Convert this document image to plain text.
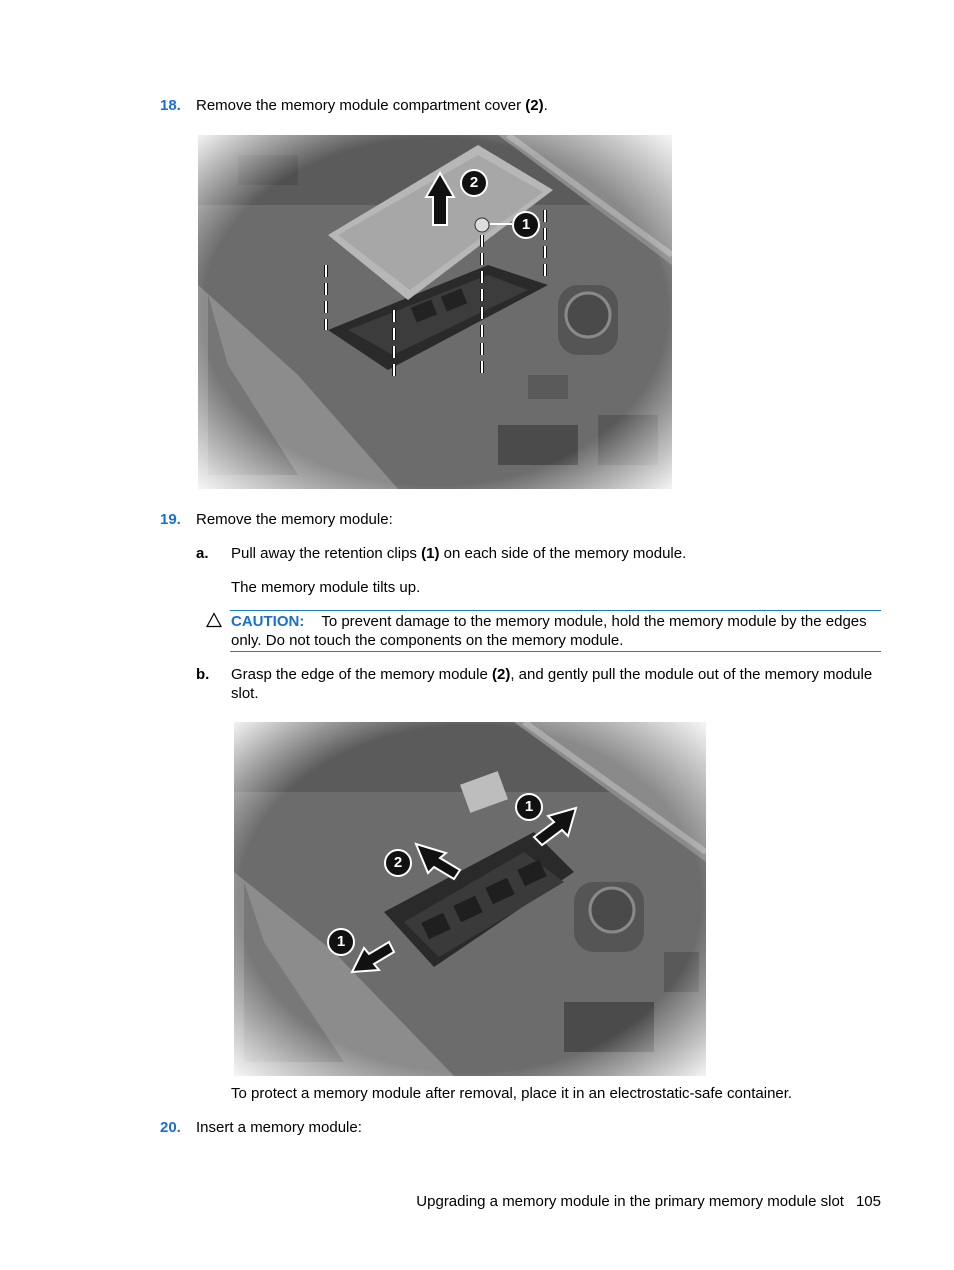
18. Remove the memory module compartment cover (2).
1
2
19. Remove the memory module:
a. Pull away the retention clips (1) on each side of the memory module.
The memory module tilts up.
CAUTION: To prevent damage to the memory module, hold the memory module by the edges only. Do not touch the components on the memory module.
b. Grasp the edge of the memory module (2), and gently pull the module out of the memory module slot.
1
2
1
To protect a memory module after removal, place it in an electrostatic-safe container.
20. Insert a memory module:
Upgrading a memory module in the primary memory module slot 105
